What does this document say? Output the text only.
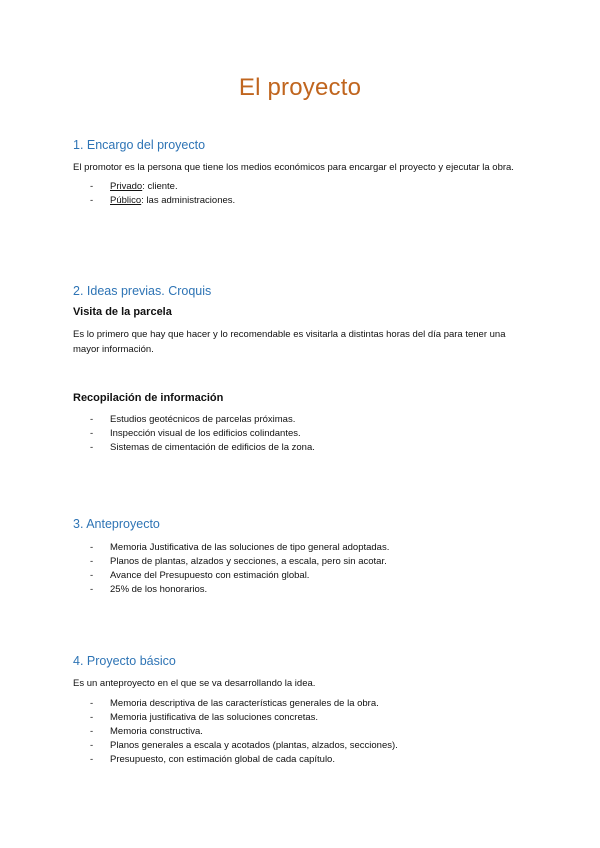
El proyecto
1. Encargo del proyecto
El promotor es la persona que tiene los medios económicos para encargar el proyecto y ejecutar la obra.
- Privado: cliente.
- Público: las administraciones.
2. Ideas previas. Croquis
Visita de la parcela
Es lo primero que hay que hacer y lo recomendable es visitarla a distintas horas del día para tener una mayor información.
Recopilación de información
- Estudios geotécnicos de parcelas próximas.
- Inspección visual de los edificios colindantes.
- Sistemas de cimentación de edificios de la zona.
3. Anteproyecto
- Memoria Justificativa de las soluciones de tipo general adoptadas.
- Planos de plantas, alzados y secciones, a escala, pero sin acotar.
- Avance del Presupuesto con estimación global.
- 25% de los honorarios.
4. Proyecto básico
Es un anteproyecto en el que se va desarrollando la idea.
- Memoria descriptiva de las características generales de la obra.
- Memoria justificativa de las soluciones concretas.
- Memoria constructiva.
- Planos generales a escala y acotados (plantas, alzados, secciones).
- Presupuesto, con estimación global de cada capítulo.
